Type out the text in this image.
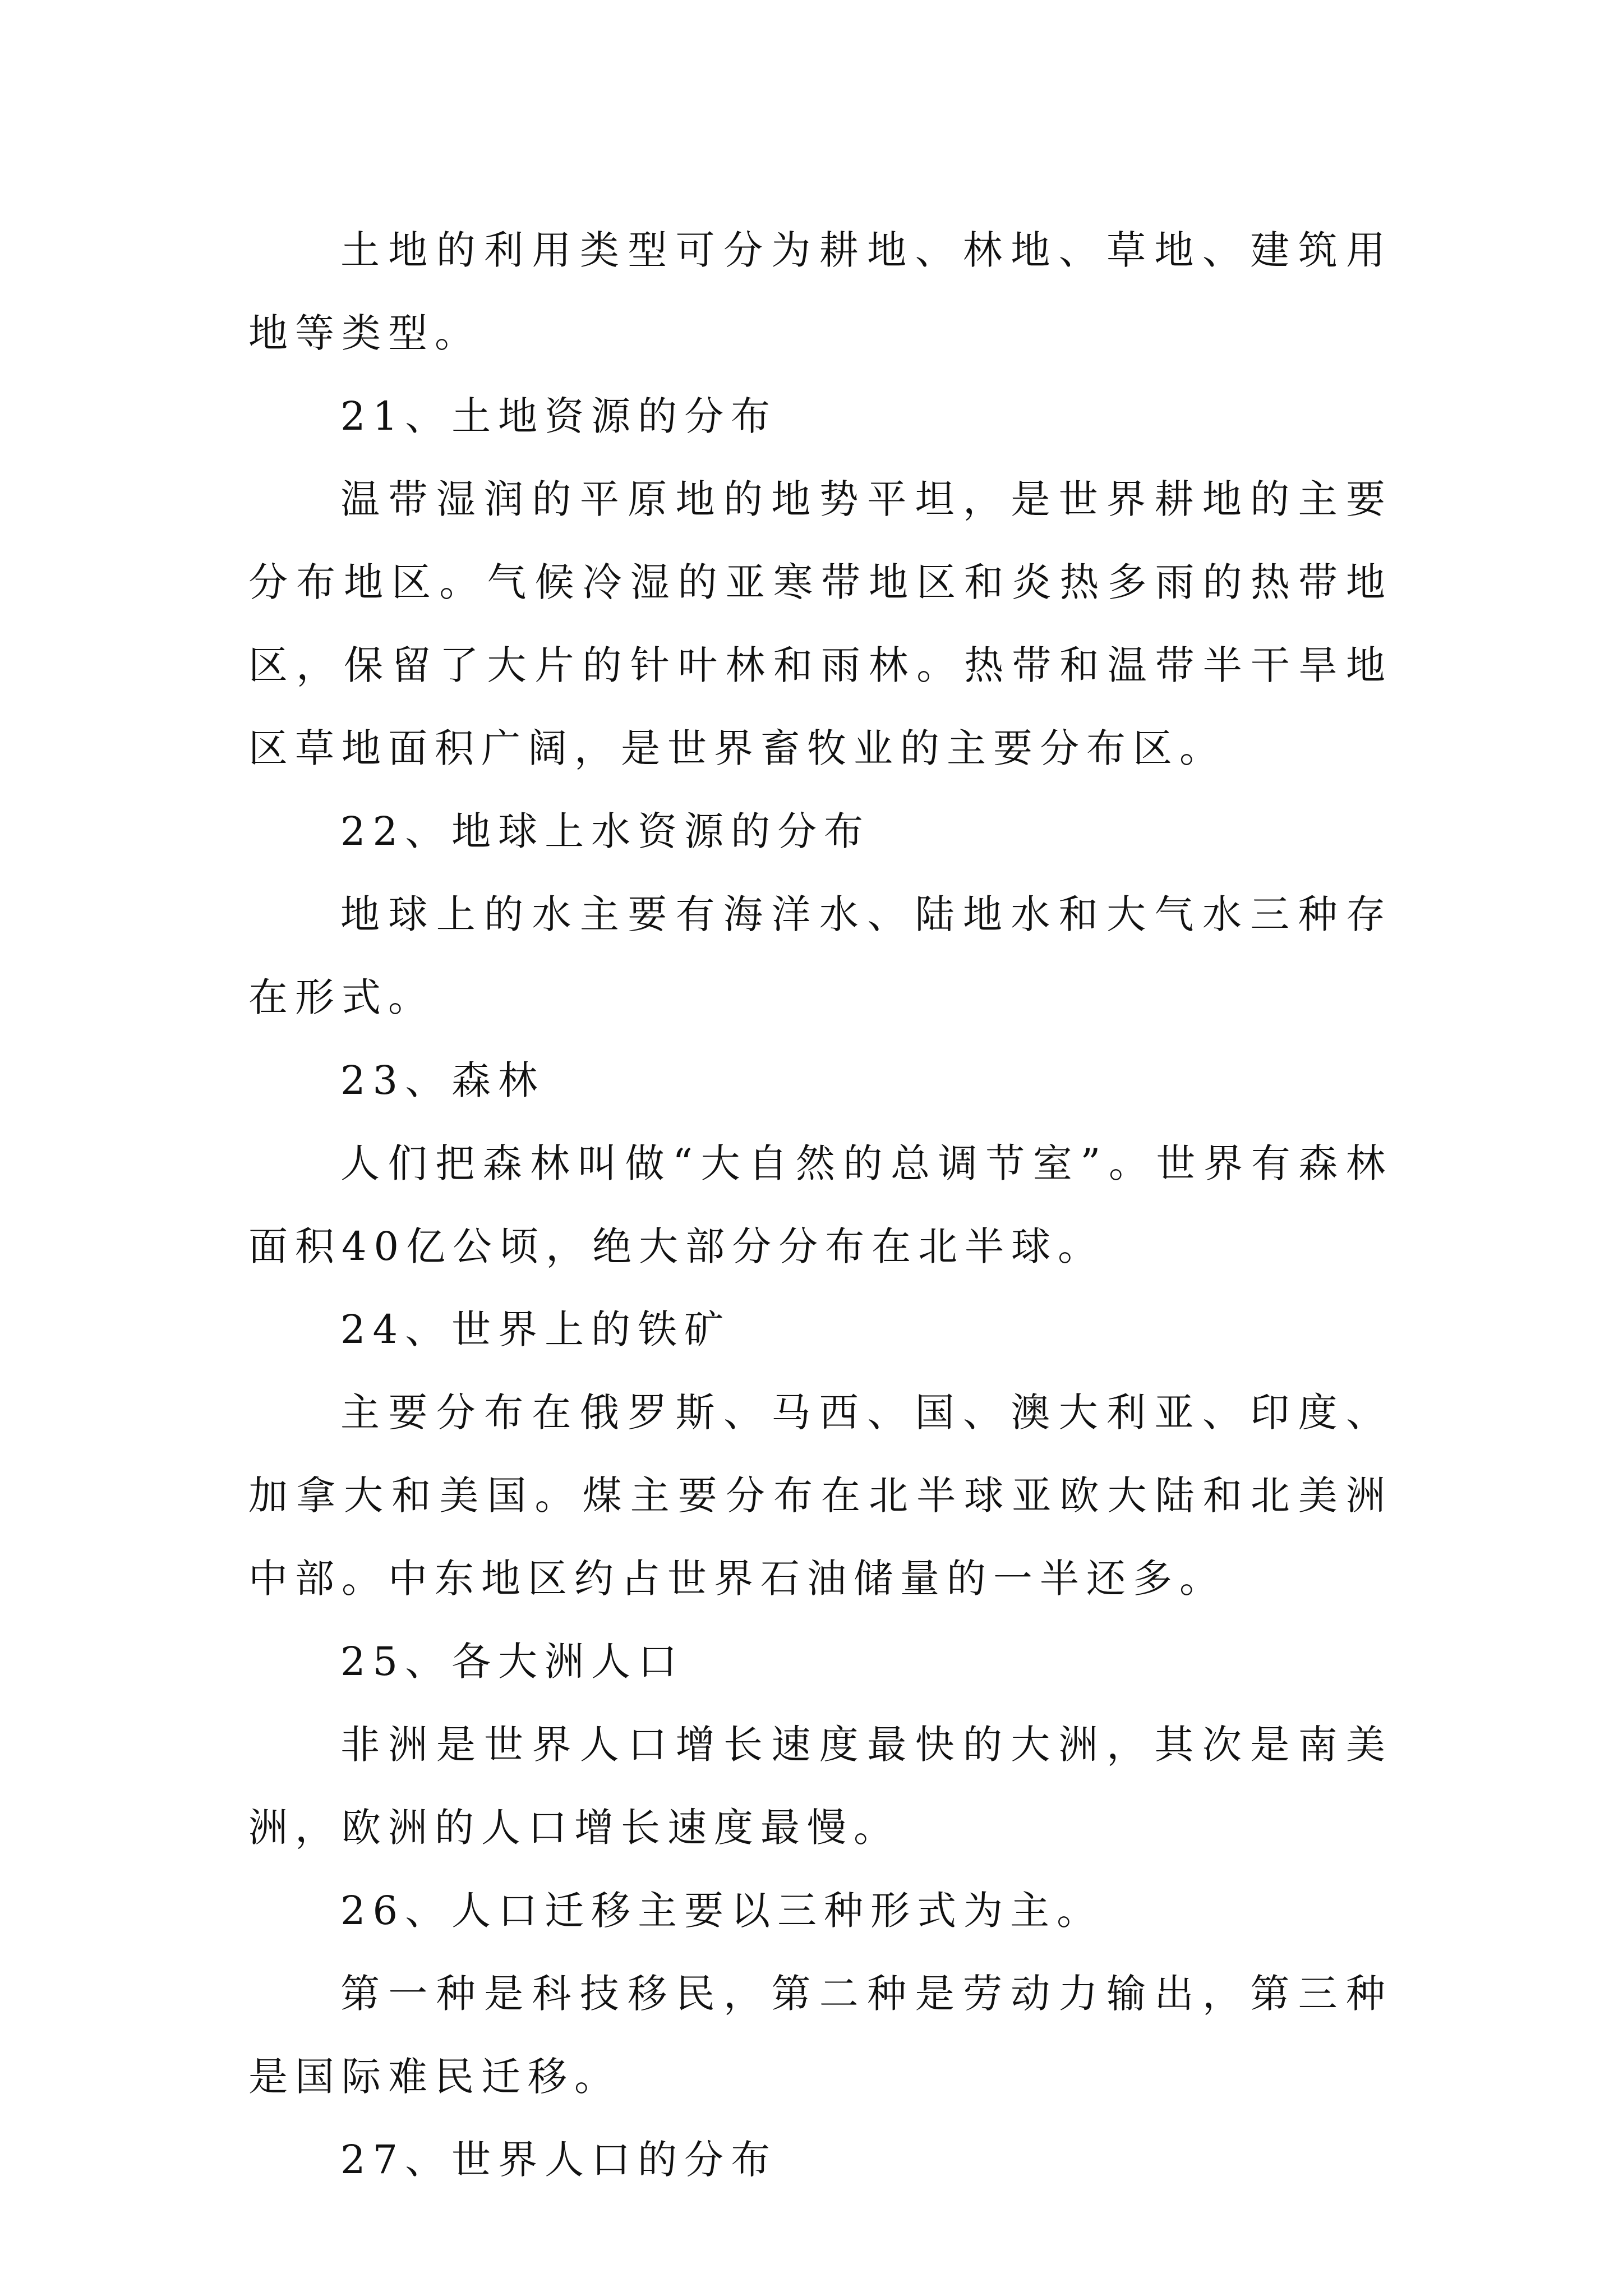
土地的利用类型可分为耕地、林地、草地、建筑用地等类型。

21、土地资源的分布

温带湿润的平原地的地势平坦，是世界耕地的主要分布地区。气候冷湿的亚寒带地区和炎热多雨的热带地区，保留了大片的针叶林和雨林。热带和温带半干旱地区草地面积广阔，是世界畜牧业的主要分布区。

22、地球上水资源的分布

地球上的水主要有海洋水、陆地水和大气水三种存在形式。

23、森林

人们把森林叫做“大自然的总调节室”。世界有森林面积40亿公顷，绝大部分分布在北半球。

24、世界上的铁矿

主要分布在俄罗斯、马西、国、澳大利亚、印度、加拿大和美国。煤主要分布在北半球亚欧大陆和北美洲中部。中东地区约占世界石油储量的一半还多。

25、各大洲人口

非洲是世界人口增长速度最快的大洲，其次是南美洲，欧洲的人口增长速度最慢。

26、人口迁移主要以三种形式为主。

第一种是科技移民，第二种是劳动力输出，第三种是国际难民迁移。

27、世界人口的分布
